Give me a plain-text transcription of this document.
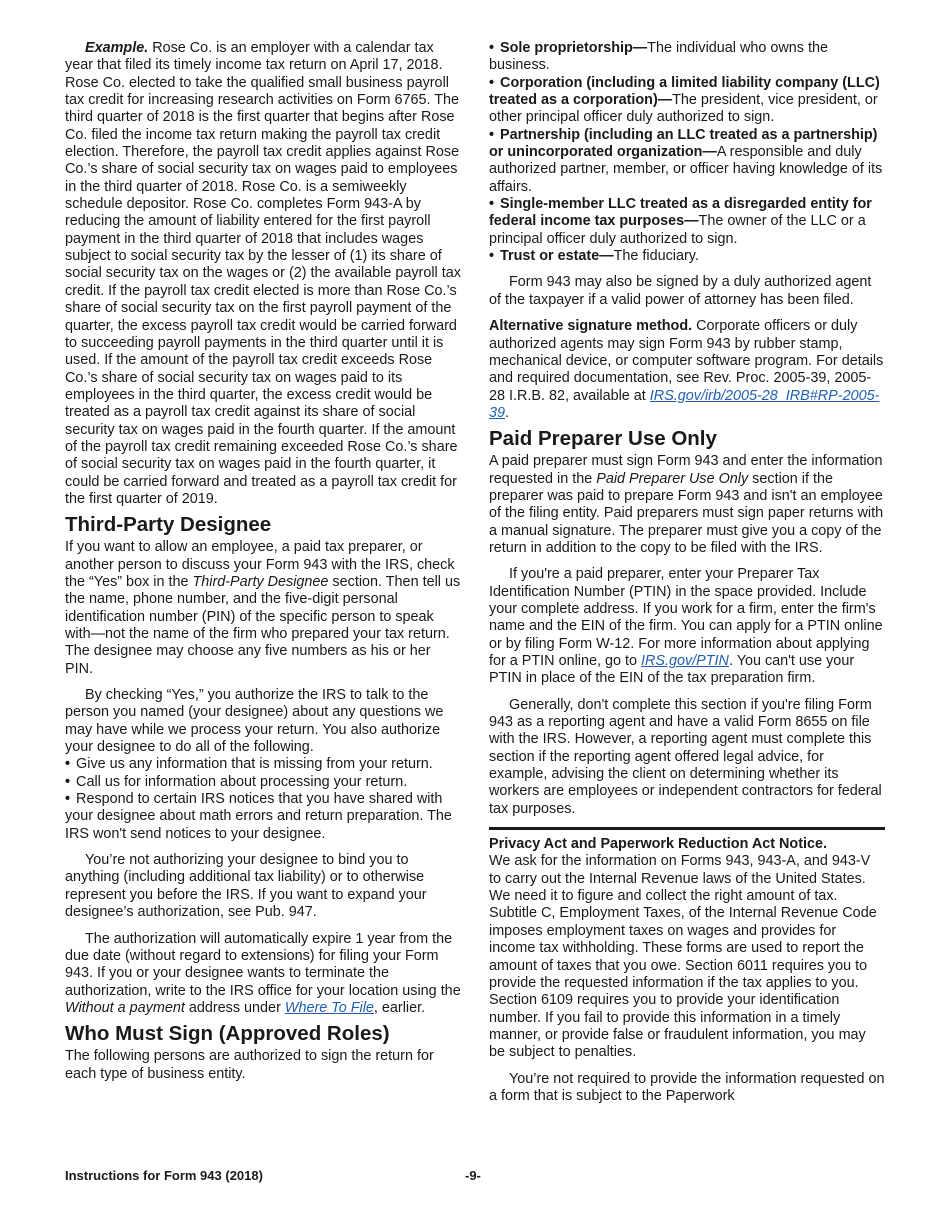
Example. Rose Co. is an employer with a calendar tax year that filed its timely income tax return on April 17, 2018. Rose Co. elected to take the qualified small business payroll tax credit for increasing research activities on Form 6765. The third quarter of 2018 is the first quarter that begins after Rose Co. filed the income tax return making the payroll tax credit election. Therefore, the payroll tax credit applies against Rose Co.’s share of social security tax on wages paid to employees in the third quarter of 2018. Rose Co. is a semiweekly schedule depositor. Rose Co. completes Form 943-A by reducing the amount of liability entered for the first payroll payment in the third quarter of 2018 that includes wages subject to social security tax by the lesser of (1) its share of social security tax on the wages or (2) the available payroll tax credit. If the payroll tax credit elected is more than Rose Co.’s share of social security tax on the first payroll payment of the quarter, the excess payroll tax credit would be carried forward to succeeding payroll payments in the third quarter until it is used. If the amount of the payroll tax credit exceeds Rose Co.’s share of social security tax on wages paid to its employees in the third quarter, the excess credit would be treated as a payroll tax credit against its share of social security tax on wages paid in the fourth quarter. If the amount of the payroll tax credit remaining exceeded Rose Co.’s share of social security tax on wages paid in the fourth quarter, it could be carried forward and treated as a payroll tax credit for the first quarter of 2019.

Third-Party Designee

If you want to allow an employee, a paid tax preparer, or another person to discuss your Form 943 with the IRS, check the “Yes” box in the Third-Party Designee section. Then tell us the name, phone number, and the five-digit personal identification number (PIN) of the specific person to speak with—not the name of the firm who prepared your tax return. The designee may choose any five numbers as his or her PIN.

By checking “Yes,” you authorize the IRS to talk to the person you named (your designee) about any questions we may have while we process your return. You also authorize your designee to do all of the following.

• Give us any information that is missing from your return.
• Call us for information about processing your return.
• Respond to certain IRS notices that you have shared with your designee about math errors and return preparation. The IRS won't send notices to your designee.

You’re not authorizing your designee to bind you to anything (including additional tax liability) or to otherwise represent you before the IRS. If you want to expand your designee’s authorization, see Pub. 947.

The authorization will automatically expire 1 year from the due date (without regard to extensions) for filing your Form 943. If you or your designee wants to terminate the authorization, write to the IRS office for your location using the Without a payment address under Where To File, earlier.

Who Must Sign (Approved Roles)

The following persons are authorized to sign the return for each type of business entity.

• Sole proprietorship—The individual who owns the business.
• Corporation (including a limited liability company (LLC) treated as a corporation)—The president, vice president, or other principal officer duly authorized to sign.
• Partnership (including an LLC treated as a partnership) or unincorporated organization—A responsible and duly authorized partner, member, or officer having knowledge of its affairs.
• Single-member LLC treated as a disregarded entity for federal income tax purposes—The owner of the LLC or a principal officer duly authorized to sign.
• Trust or estate—The fiduciary.

Form 943 may also be signed by a duly authorized agent of the taxpayer if a valid power of attorney has been filed.

Alternative signature method. Corporate officers or duly authorized agents may sign Form 943 by rubber stamp, mechanical device, or computer software program. For details and required documentation, see Rev. Proc. 2005-39, 2005-28 I.R.B. 82, available at IRS.gov/irb/2005-28_IRB#RP-2005-39.

Paid Preparer Use Only

A paid preparer must sign Form 943 and enter the information requested in the Paid Preparer Use Only section if the preparer was paid to prepare Form 943 and isn't an employee of the filing entity. Paid preparers must sign paper returns with a manual signature. The preparer must give you a copy of the return in addition to the copy to be filed with the IRS.

If you're a paid preparer, enter your Preparer Tax Identification Number (PTIN) in the space provided. Include your complete address. If you work for a firm, enter the firm's name and the EIN of the firm. You can apply for a PTIN online or by filing Form W-12. For more information about applying for a PTIN online, go to IRS.gov/PTIN. You can't use your PTIN in place of the EIN of the tax preparation firm.

Generally, don't complete this section if you're filing Form 943 as a reporting agent and have a valid Form 8655 on file with the IRS. However, a reporting agent must complete this section if the reporting agent offered legal advice, for example, advising the client on determining whether its workers are employees or independent contractors for federal tax purposes.

Privacy Act and Paperwork Reduction Act Notice.

We ask for the information on Forms 943, 943-A, and 943-V to carry out the Internal Revenue laws of the United States. We need it to figure and collect the right amount of tax. Subtitle C, Employment Taxes, of the Internal Revenue Code imposes employment taxes on wages and provides for income tax withholding. These forms are used to report the amount of taxes that you owe. Section 6011 requires you to provide the requested information if the tax applies to you. Section 6109 requires you to provide your identification number. If you fail to provide this information in a timely manner, or provide false or fraudulent information, you may be subject to penalties.

You’re not required to provide the information requested on a form that is subject to the Paperwork

Instructions for Form 943 (2018)	-9-
